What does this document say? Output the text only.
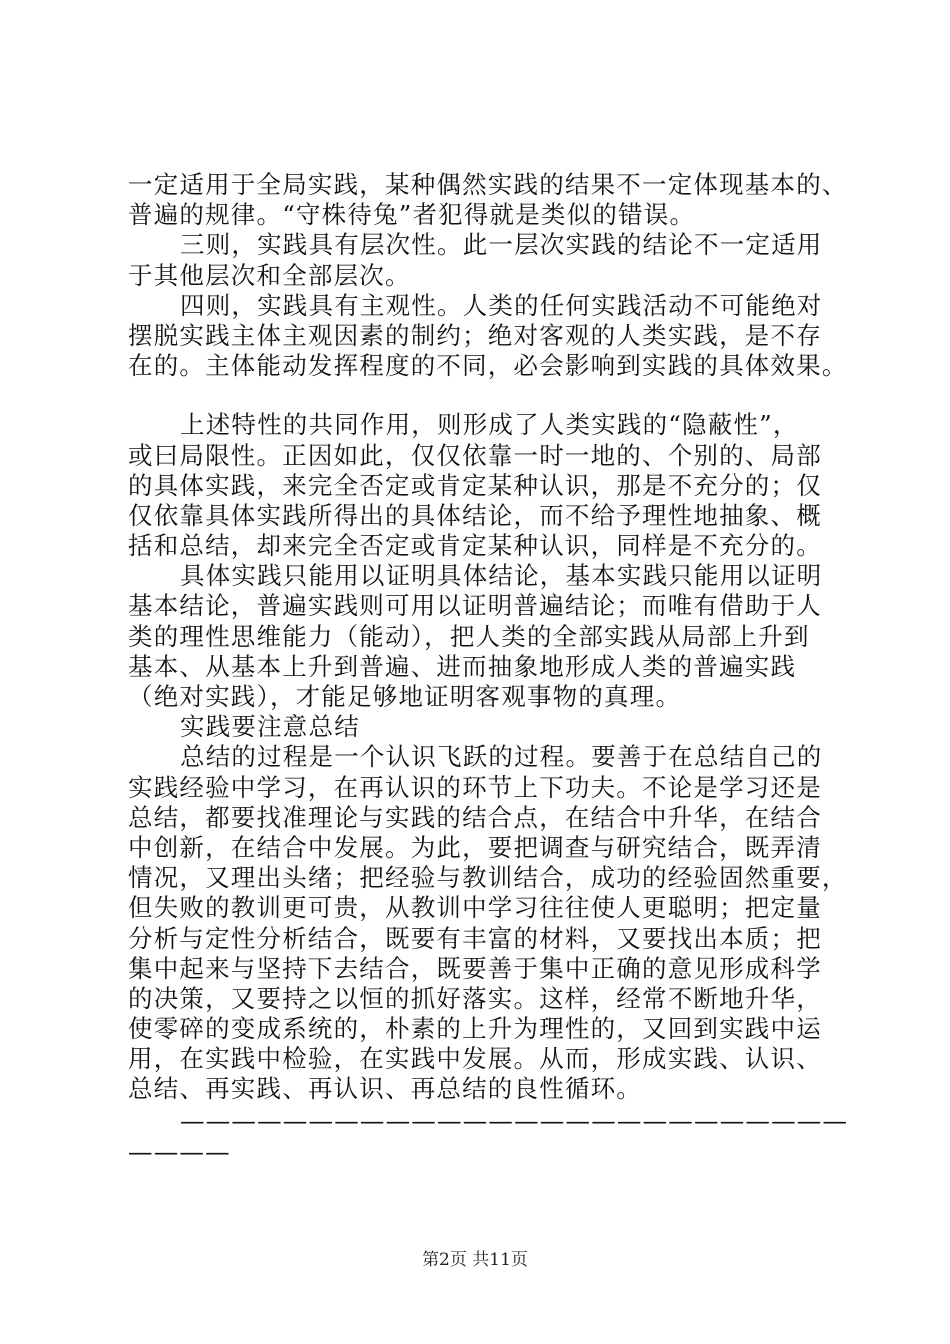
一定适用于全局实践，某种偶然实践的结果不一定体现基本的、
普遍的规律。“守株待兔”者犯得就是类似的错误。
三则，实践具有层次性。此一层次实践的结论不一定适用
于其他层次和全部层次。
四则，实践具有主观性。人类的任何实践活动不可能绝对
摆脱实践主体主观因素的制约；绝对客观的人类实践，是不存
在的。主体能动发挥程度的不同，必会影响到实践的具体效果。
上述特性的共同作用，则形成了人类实践的“隐蔽性”，
或曰局限性。正因如此，仅仅依靠一时一地的、个别的、局部
的具体实践，来完全否定或肯定某种认识，那是不充分的；仅
仅依靠具体实践所得出的具体结论，而不给予理性地抽象、概
括和总结，却来完全否定或肯定某种认识，同样是不充分的。
具体实践只能用以证明具体结论，基本实践只能用以证明
基本结论，普遍实践则可用以证明普遍结论；而唯有借助于人
类的理性思维能力（能动），把人类的全部实践从局部上升到
基本、从基本上升到普遍、进而抽象地形成人类的普遍实践
（绝对实践），才能足够地证明客观事物的真理。
实践要注意总结
总结的过程是一个认识飞跃的过程。要善于在总结自己的
实践经验中学习，在再认识的环节上下功夫。不论是学习还是
总结，都要找准理论与实践的结合点，在结合中升华，在结合
中创新，在结合中发展。为此，要把调查与研究结合，既弄清
情况，又理出头绪；把经验与教训结合，成功的经验固然重要，
但失败的教训更可贵，从教训中学习往往使人更聪明；把定量
分析与定性分析结合，既要有丰富的材料，又要找出本质；把
集中起来与坚持下去结合，既要善于集中正确的意见形成科学
的决策，又要持之以恒的抓好落实。这样，经常不断地升华，
使零碎的变成系统的，朴素的上升为理性的，又回到实践中运
用，在实践中检验，在实践中发展。从而，形成实践、认识、
总结、再实践、再认识、再总结的良性循环。
——————————————————————————
————
第2页 共11页
